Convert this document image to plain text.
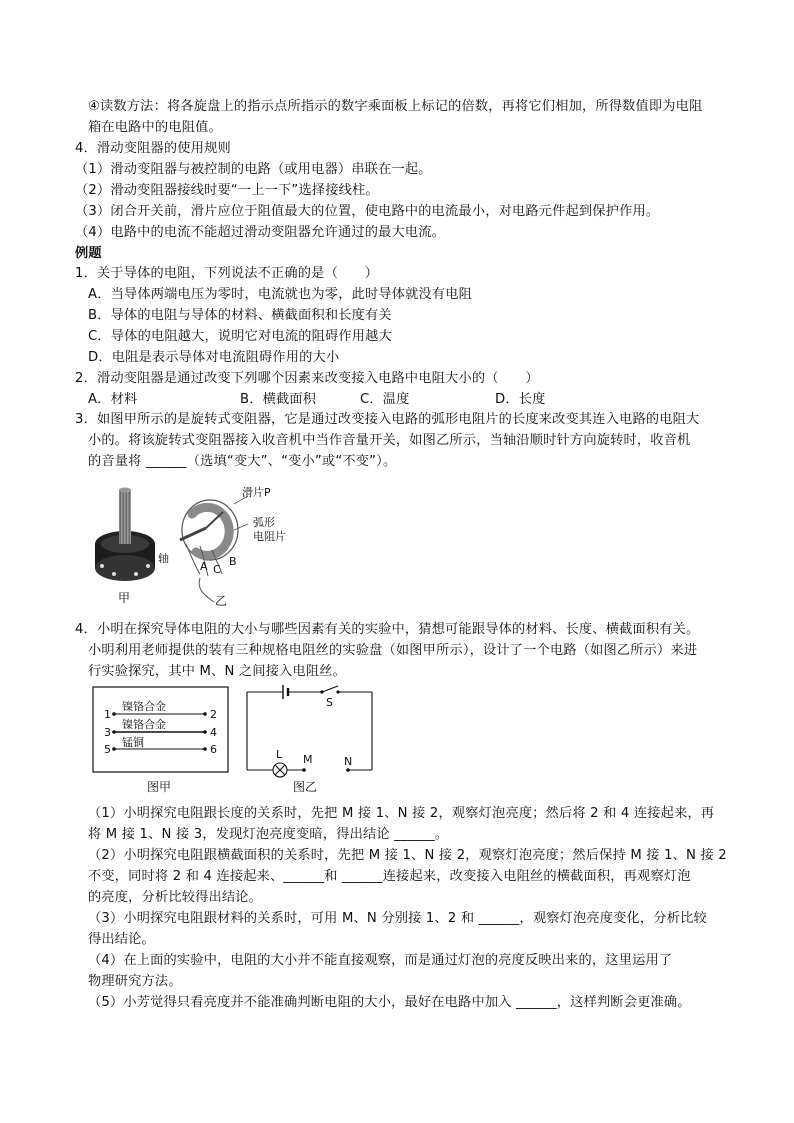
④读数方法：将各旋盘上的指示点所指示的数字乘面板上标记的倍数，再将它们相加，所得数值即为电阻
箱在电路中的电阻值。
4．滑动变阻器的使用规则
（1）滑动变阻器与被控制的电路（或用电器）串联在一起。
（2）滑动变阻器接线时要“一上一下”选择接线柱。
（3）闭合开关前，滑片应位于阻值最大的位置，使电路中的电流最小，对电路元件起到保护作用。
（4）电路中的电流不能超过滑动变阻器允许通过的最大电流。
例题
1．关于导体的电阻，下列说法不正确的是（　　）
A．当导体两端电压为零时，电流就也为零，此时导体就没有电阻
B．导体的电阻与导体的材料、横截面积和长度有关
C．导体的电阻越大，说明它对电流的阻碍作用越大
D．电阻是表示导体对电流阻碍作用的大小
2．滑动变阻器是通过改变下列哪个因素来改变接入电路中电阻大小的（　　）
A．材料	B．横截面积	C．温度	D．长度
3．如图甲所示的是旋转式变阻器，它是通过改变接入电路的弧形电阻片的长度来改变其连入电路的电阻大
小的。将该旋转式变阻器接入收音机中当作音量开关，如图乙所示，当轴沿顺时针方向旋转时，收音机
的音量将 ______（选填“变大”、“变小”或“不变”）。
滑片P
弧形
电阻片
轴
A C
B
甲	乙
4．小明在探究导体电阻的大小与哪些因素有关的实验中，猜想可能跟导体的材料、长度、横截面积有关。
小明利用老师提供的装有三种规格电阻丝的实验盘（如图甲所示），设计了一个电路（如图乙所示）来进
行实验探究，其中 M、N 之间接入电阻丝。
镍铬合金
镍铬合金
锰铜
1	2
3	4
5	6
图甲
S
L M	N
图乙
（1）小明探究电阻跟长度的关系时，先把 M 接 1、N 接 2，观察灯泡亮度；然后将 2 和 4 连接起来，再
将 M 接 1、N 接 3，发现灯泡亮度变暗，得出结论 ______。
（2）小明探究电阻跟横截面积的关系时，先把 M 接 1、N 接 2，观察灯泡亮度；然后保持 M 接 1、N 接 2
不变，同时将 2 和 4 连接起来、______和 ______连接起来，改变接入电阻丝的横截面积，再观察灯泡
的亮度，分析比较得出结论。
（3）小明探究电阻跟材料的关系时，可用 M、N 分别接 1、2 和 ______，观察灯泡亮度变化，分析比较
得出结论。
（4）在上面的实验中，电阻的大小并不能直接观察，而是通过灯泡的亮度反映出来的，这里运用了
物理研究方法。
（5）小芳觉得只看亮度并不能准确判断电阻的大小，最好在电路中加入 ______，这样判断会更准确。
